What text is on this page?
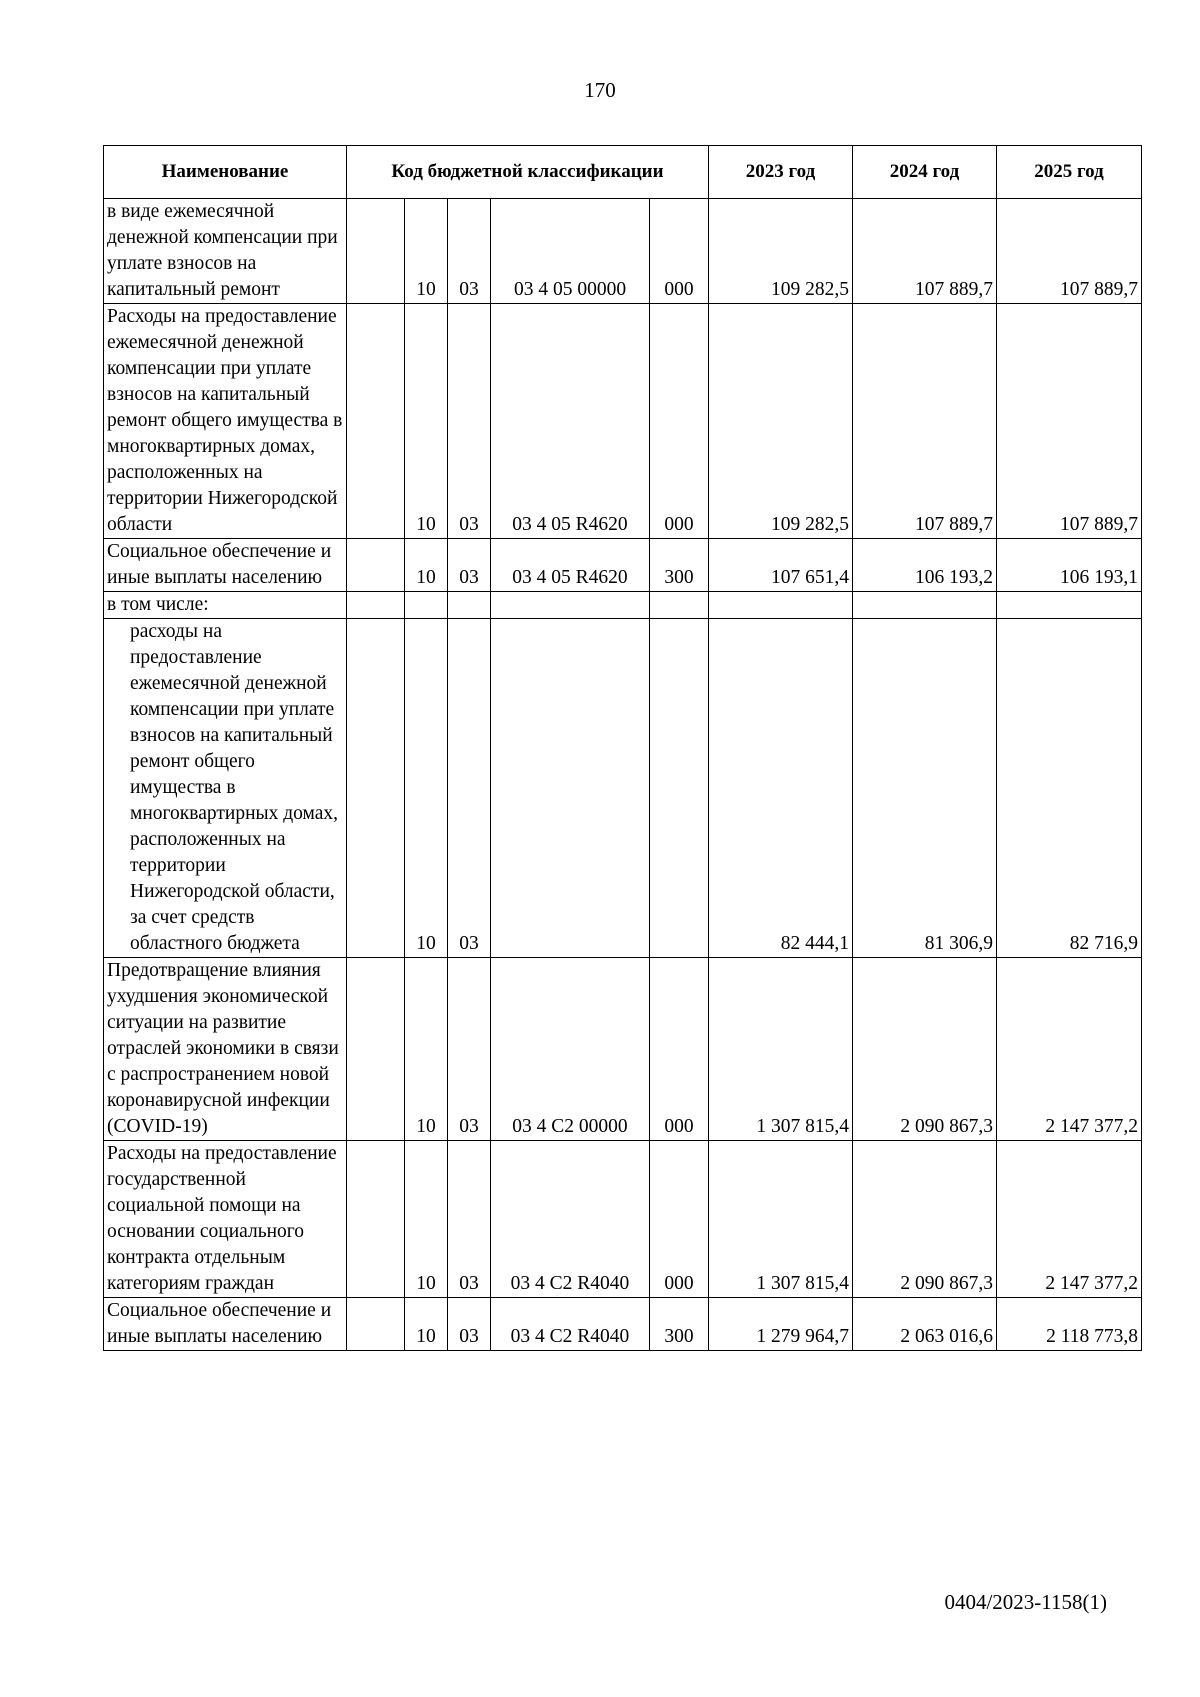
170
Наименование	Код бюджетной классификации					2023 год	2024 год	2025 год
в виде ежемесячной денежной компенсации при уплате взносов на капитальный ремонт		10	03	03 4 05 00000	000	109 282,5	107 889,7	107 889,7
Расходы на предоставление ежемесячной денежной компенсации при уплате взносов на капитальный ремонт общего имущества в многоквартирных домах, расположенных на территории Нижегородской области		10	03	03 4 05 R4620	000	109 282,5	107 889,7	107 889,7
Социальное обеспечение и иные выплаты населению		10	03	03 4 05 R4620	300	107 651,4	106 193,2	106 193,1
в том числе:								
расходы на предоставление ежемесячной денежной компенсации при уплате взносов на капитальный ремонт общего имущества в многоквартирных домах, расположенных на территории Нижегородской области, за счет средств областного бюджета		10	03			82 444,1	81 306,9	82 716,9
Предотвращение влияния ухудшения экономической ситуации на развитие отраслей экономики в связи с распространением новой коронавирусной инфекции (COVID-19)		10	03	03 4 C2 00000	000	1 307 815,4	2 090 867,3	2 147 377,2
Расходы на предоставление государственной социальной помощи на основании социального контракта отдельным категориям граждан		10	03	03 4 C2 R4040	000	1 307 815,4	2 090 867,3	2 147 377,2
Социальное обеспечение и иные выплаты населению		10	03	03 4 C2 R4040	300	1 279 964,7	2 063 016,6	2 118 773,8
0404/2023-1158(1)
